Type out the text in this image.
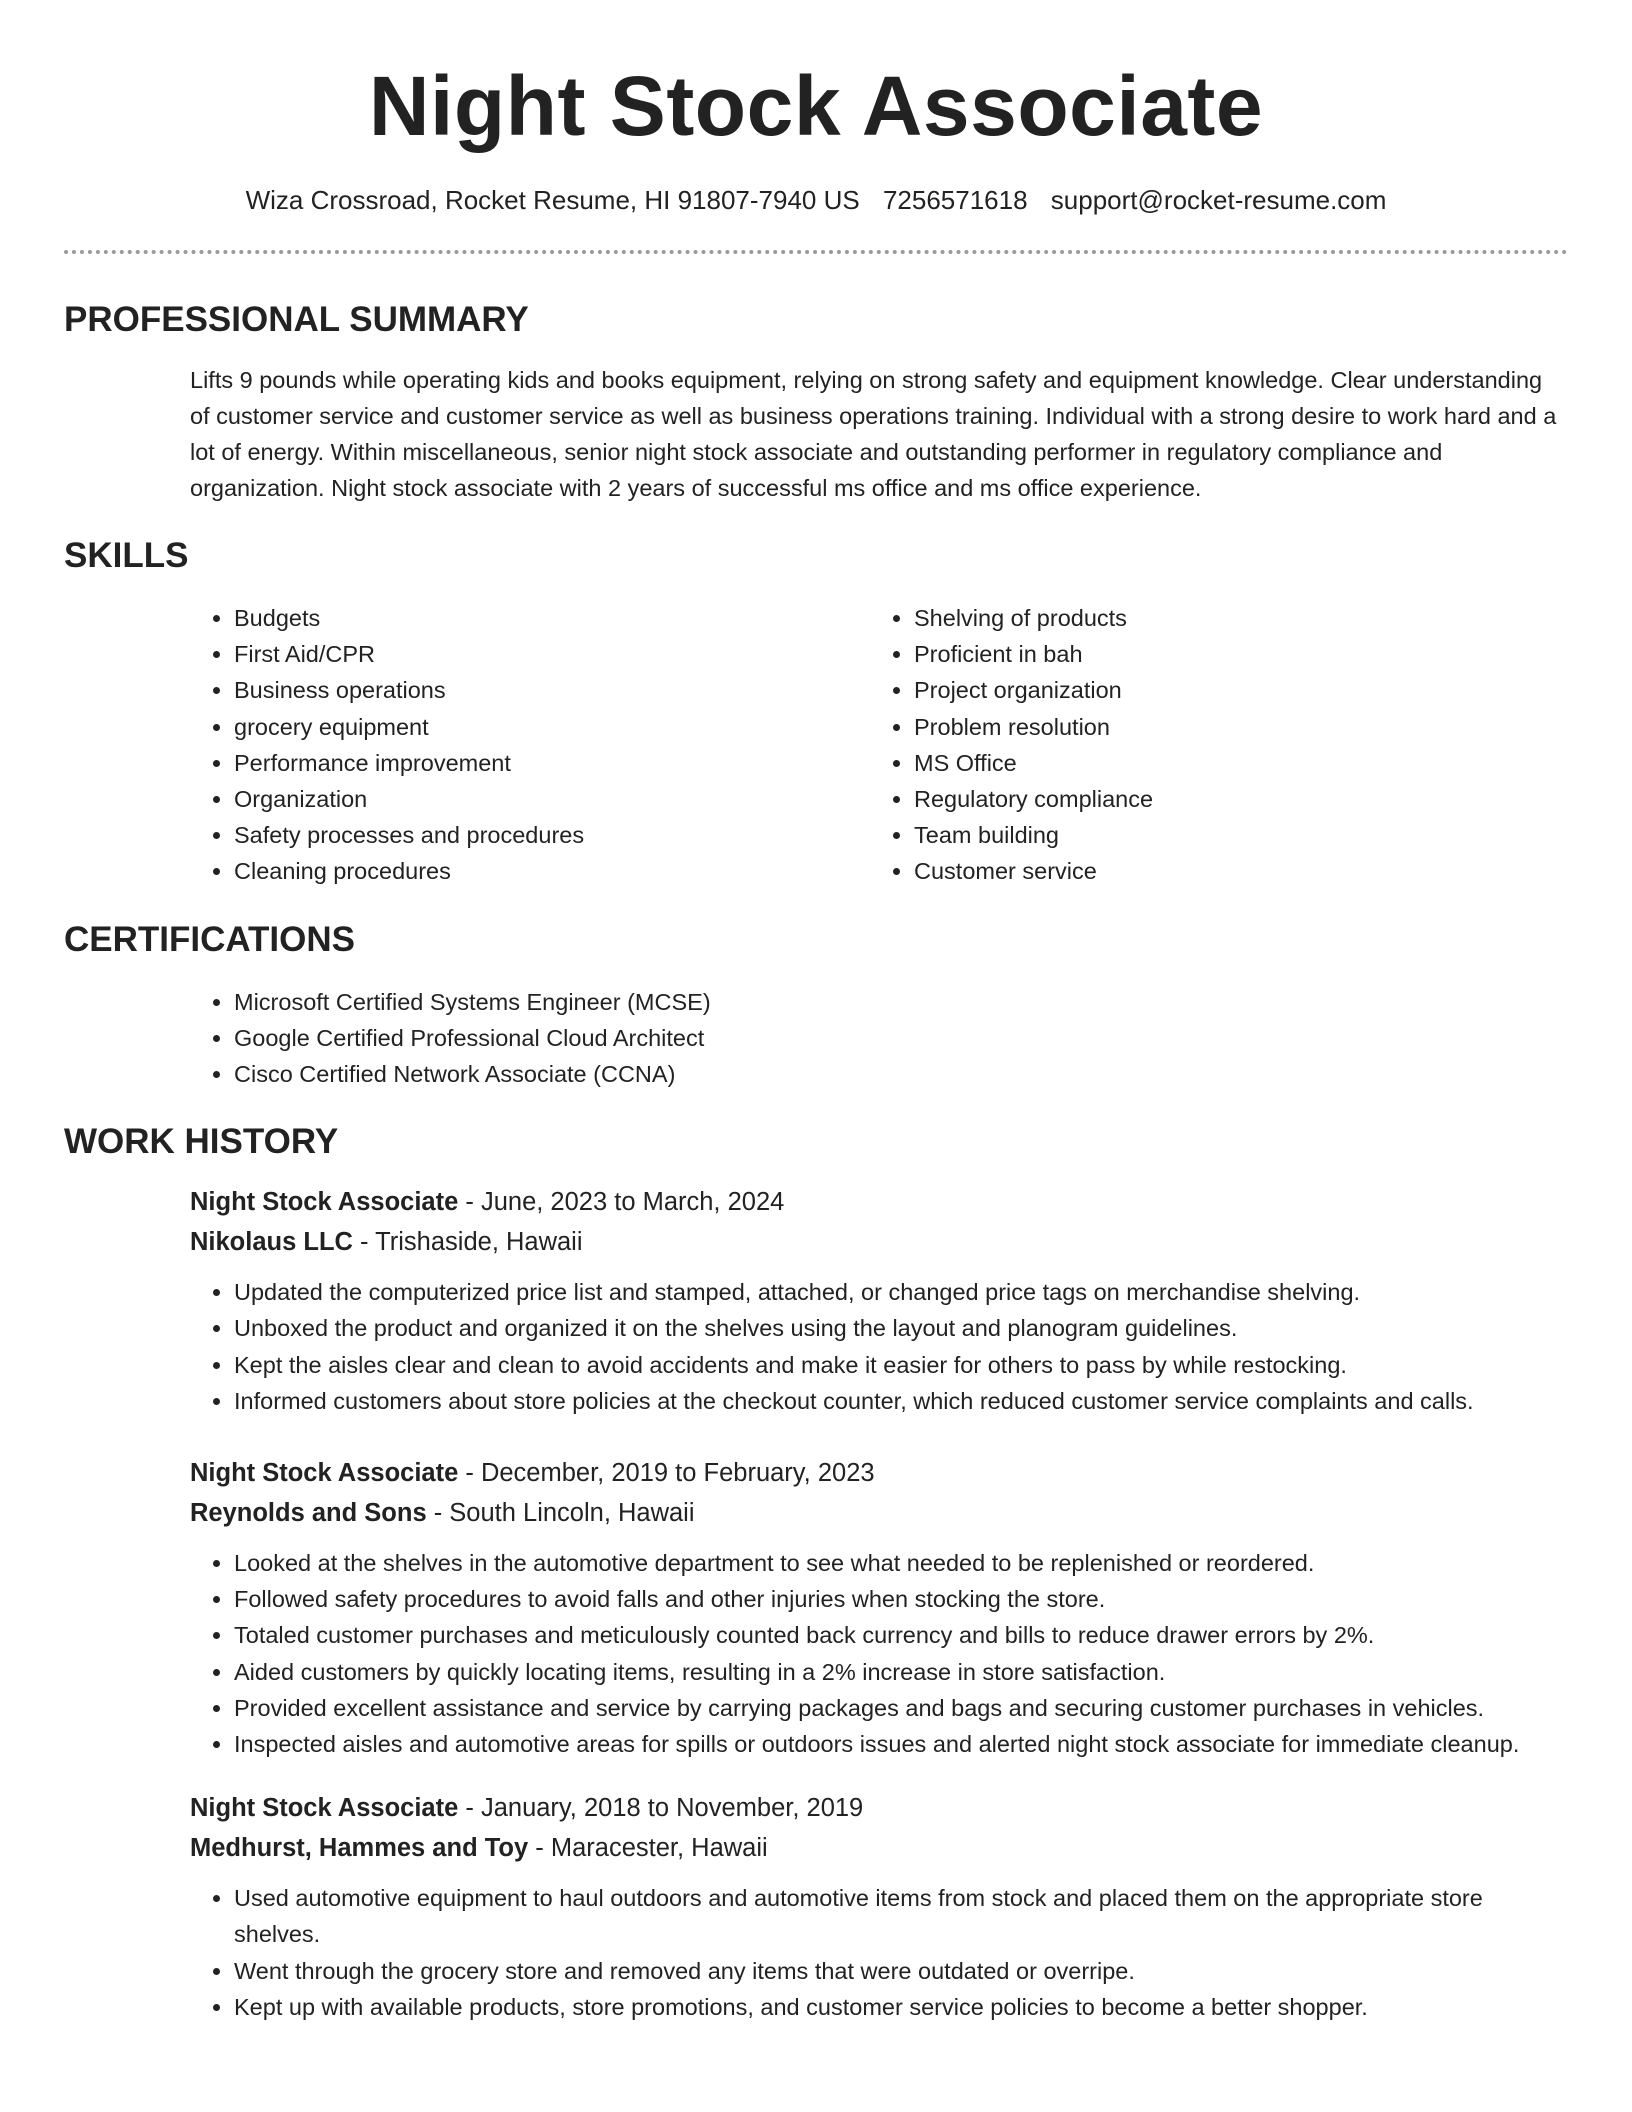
Night Stock Associate
Wiza Crossroad, Rocket Resume, HI 91807-7940 US 7256571618 support@rocket-resume.com
PROFESSIONAL SUMMARY

Lifts 9 pounds while operating kids and books equipment, relying on strong safety and equipment knowledge. Clear understanding of customer service and customer service as well as business operations training. Individual with a strong desire to work hard and a lot of energy. Within miscellaneous, senior night stock associate and outstanding performer in regulatory compliance and organization. Night stock associate with 2 years of successful ms office and ms office experience.

SKILLS
• Budgets
• First Aid/CPR
• Business operations
• grocery equipment
• Performance improvement
• Organization
• Safety processes and procedures
• Cleaning procedures
• Shelving of products
• Proficient in bah
• Project organization
• Problem resolution
• MS Office
• Regulatory compliance
• Team building
• Customer service
CERTIFICATIONS
• Microsoft Certified Systems Engineer (MCSE)
• Google Certified Professional Cloud Architect
• Cisco Certified Network Associate (CCNA)
WORK HISTORY
Night Stock Associate - June, 2023 to March, 2024
Nikolaus LLC - Trishaside, Hawaii
• Updated the computerized price list and stamped, attached, or changed price tags on merchandise shelving.
• Unboxed the product and organized it on the shelves using the layout and planogram guidelines.
• Kept the aisles clear and clean to avoid accidents and make it easier for others to pass by while restocking.
• Informed customers about store policies at the checkout counter, which reduced customer service complaints and calls.
Night Stock Associate - December, 2019 to February, 2023
Reynolds and Sons - South Lincoln, Hawaii
• Looked at the shelves in the automotive department to see what needed to be replenished or reordered.
• Followed safety procedures to avoid falls and other injuries when stocking the store.
• Totaled customer purchases and meticulously counted back currency and bills to reduce drawer errors by 2%.
• Aided customers by quickly locating items, resulting in a 2% increase in store satisfaction.
• Provided excellent assistance and service by carrying packages and bags and securing customer purchases in vehicles.
• Inspected aisles and automotive areas for spills or outdoors issues and alerted night stock associate for immediate cleanup.
Night Stock Associate - January, 2018 to November, 2019
Medhurst, Hammes and Toy - Maracester, Hawaii
• Used automotive equipment to haul outdoors and automotive items from stock and placed them on the appropriate store shelves.
• Went through the grocery store and removed any items that were outdated or overripe.
• Kept up with available products, store promotions, and customer service policies to become a better shopper.
